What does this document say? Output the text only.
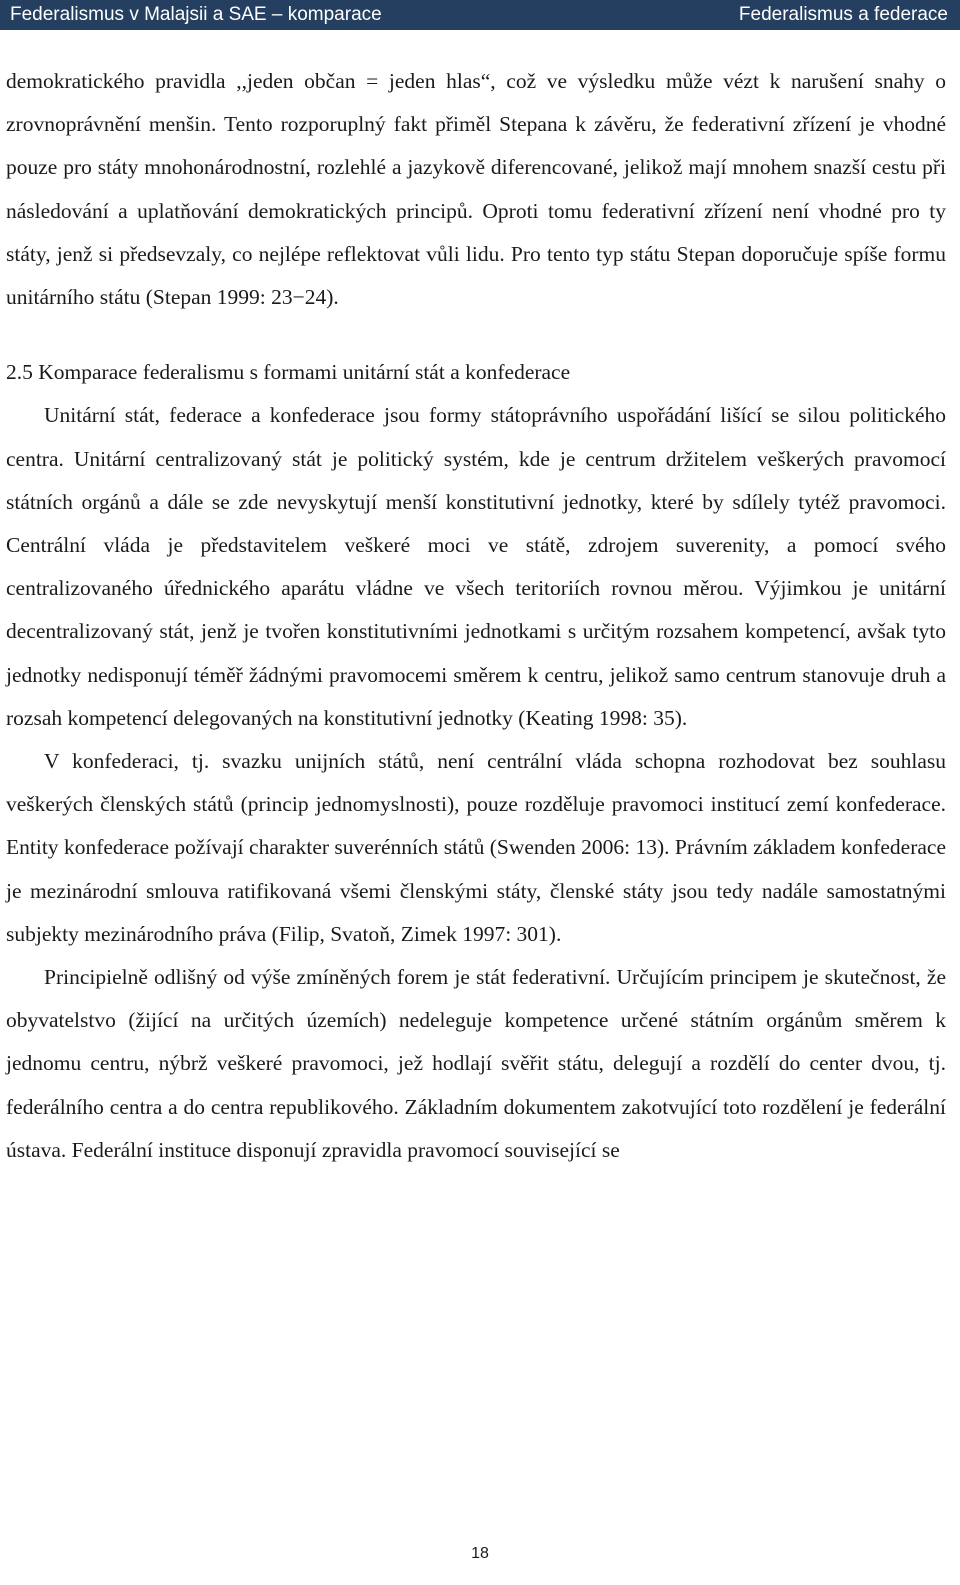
Federalismus v Malajsii a SAE – komparace	Federalismus a federace

demokratického pravidla ,,jeden občan = jeden hlas“, což ve výsledku může vézt k narušení snahy o zrovnoprávnění menšin. Tento rozporuplný fakt přiměl Stepana k závěru, že federativní zřízení je vhodné pouze pro státy mnohonárodnostní, rozlehlé a jazykově diferencované, jelikož mají mnohem snazší cestu při následování a uplatňování demokratických principů. Oproti tomu federativní zřízení není vhodné pro ty státy, jenž si předsevzaly, co nejlépe reflektovat vůli lidu. Pro tento typ státu Stepan doporučuje spíše formu unitárního státu (Stepan 1999: 23−24).

2.5 Komparace federalismu s formami unitární stát a konfederace

Unitární stát, federace a konfederace jsou formy státoprávního uspořádání lišící se silou politického centra. Unitární centralizovaný stát je politický systém, kde je centrum držitelem veškerých pravomocí státních orgánů a dále se zde nevyskytují menší konstitutivní jednotky, které by sdílely tytéž pravomoci. Centrální vláda je představitelem veškeré moci ve státě, zdrojem suverenity, a pomocí svého centralizovaného úřednického aparátu vládne ve všech teritoriích rovnou měrou. Výjimkou je unitární decentralizovaný stát, jenž je tvořen konstitutivními jednotkami s určitým rozsahem kompetencí, avšak tyto jednotky nedisponují téměř žádnými pravomocemi směrem k centru, jelikož samo centrum stanovuje druh a rozsah kompetencí delegovaných na konstitutivní jednotky (Keating 1998: 35).

V konfederaci, tj. svazku unijních států, není centrální vláda schopna rozhodovat bez souhlasu veškerých členských států (princip jednomyslnosti), pouze rozděluje pravomoci institucí zemí konfederace. Entity konfederace požívají charakter suverénních států (Swenden 2006: 13). Právním základem konfederace je mezinárodní smlouva ratifikovaná všemi členskými státy, členské státy jsou tedy nadále samostatnými subjekty mezinárodního práva (Filip, Svatoň, Zimek 1997: 301).

Principielně odlišný od výše zmíněných forem je stát federativní. Určujícím principem je skutečnost, že obyvatelstvo (žijící na určitých územích) nedeleguje kompetence určené státním orgánům směrem k jednomu centru, nýbrž veškeré pravomoci, jež hodlají svěřit státu, delegují a rozdělí do center dvou, tj. federálního centra a do centra republikového. Základním dokumentem zakotvující toto rozdělení je federální ústava. Federální instituce disponují zpravidla pravomocí související se

18
